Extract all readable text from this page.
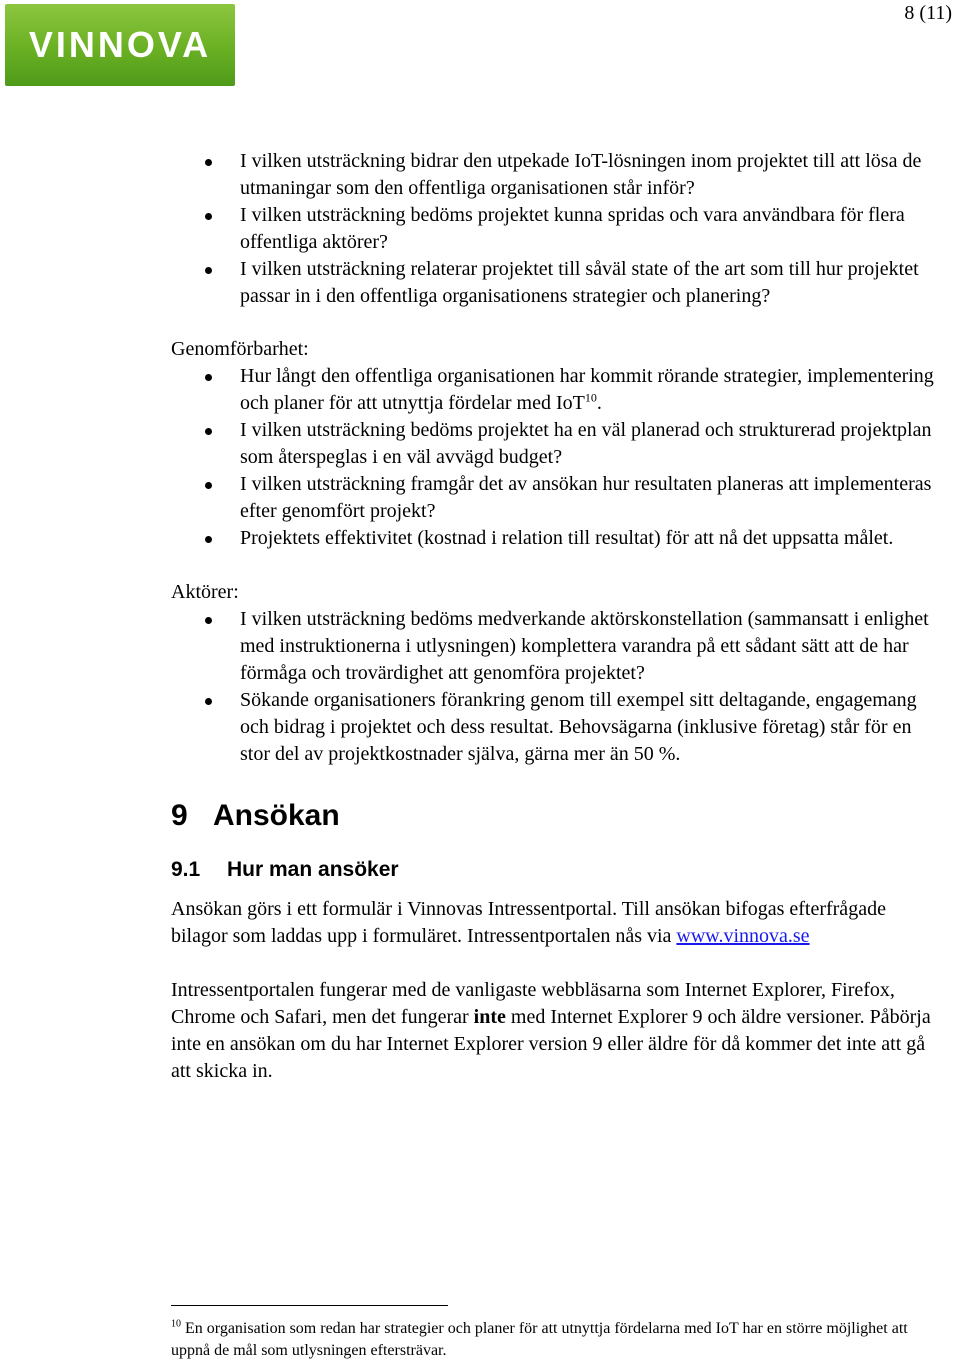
VINNOVA
8 (11)
I vilken utsträckning bidrar den utpekade IoT-lösningen inom projektet till att lösa de utmaningar som den offentliga organisationen står inför?
I vilken utsträckning bedöms projektet kunna spridas och vara användbara för flera offentliga aktörer?
I vilken utsträckning relaterar projektet till såväl state of the art som till hur projektet passar in i den offentliga organisationens strategier och planering?

Genomförbarhet:

Hur långt den offentliga organisationen har kommit rörande strategier, implementering och planer för att utnyttja fördelar med IoT$^{10}$.
I vilken utsträckning bedöms projektet ha en väl planerad och strukturerad projektplan som återspeglas i en väl avvägd budget?
I vilken utsträckning framgår det av ansökan hur resultaten planeras att implementeras efter genomfört projekt?
Projektets effektivitet (kostnad i relation till resultat) för att nå det uppsatta målet.

Aktörer:

I vilken utsträckning bedöms medverkande aktörskonstellation (sammansatt i enlighet med instruktionerna i utlysningen) komplettera varandra på ett sådant sätt att de har förmåga och trovärdighet att genomföra projektet?
Sökande organisationers förankring genom till exempel sitt deltagande, engagemang och bidrag i projektet och dess resultat. Behovsägarna (inklusive företag) står för en stor del av projektkostnader själva, gärna mer än 50 %.
9 Ansökan
9.1 Hur man ansöker

Ansökan görs i ett formulär i Vinnovas Intressentportal. Till ansökan bifogas efterfrågade bilagor som laddas upp i formuläret. Intressentportalen nås via www.vinnova.se

Intressentportalen fungerar med de vanligaste webbläsarna som Internet Explorer, Firefox, Chrome och Safari, men det fungerar inte med Internet Explorer 9 och äldre versioner. Påbörja inte en ansökan om du har Internet Explorer version 9 eller äldre för då kommer det inte att gå att skicka in.

$^{10}$ En organisation som redan har strategier och planer för att utnyttja fördelarna med IoT har en större möjlighet att uppnå de mål som utlysningen eftersträvar.
